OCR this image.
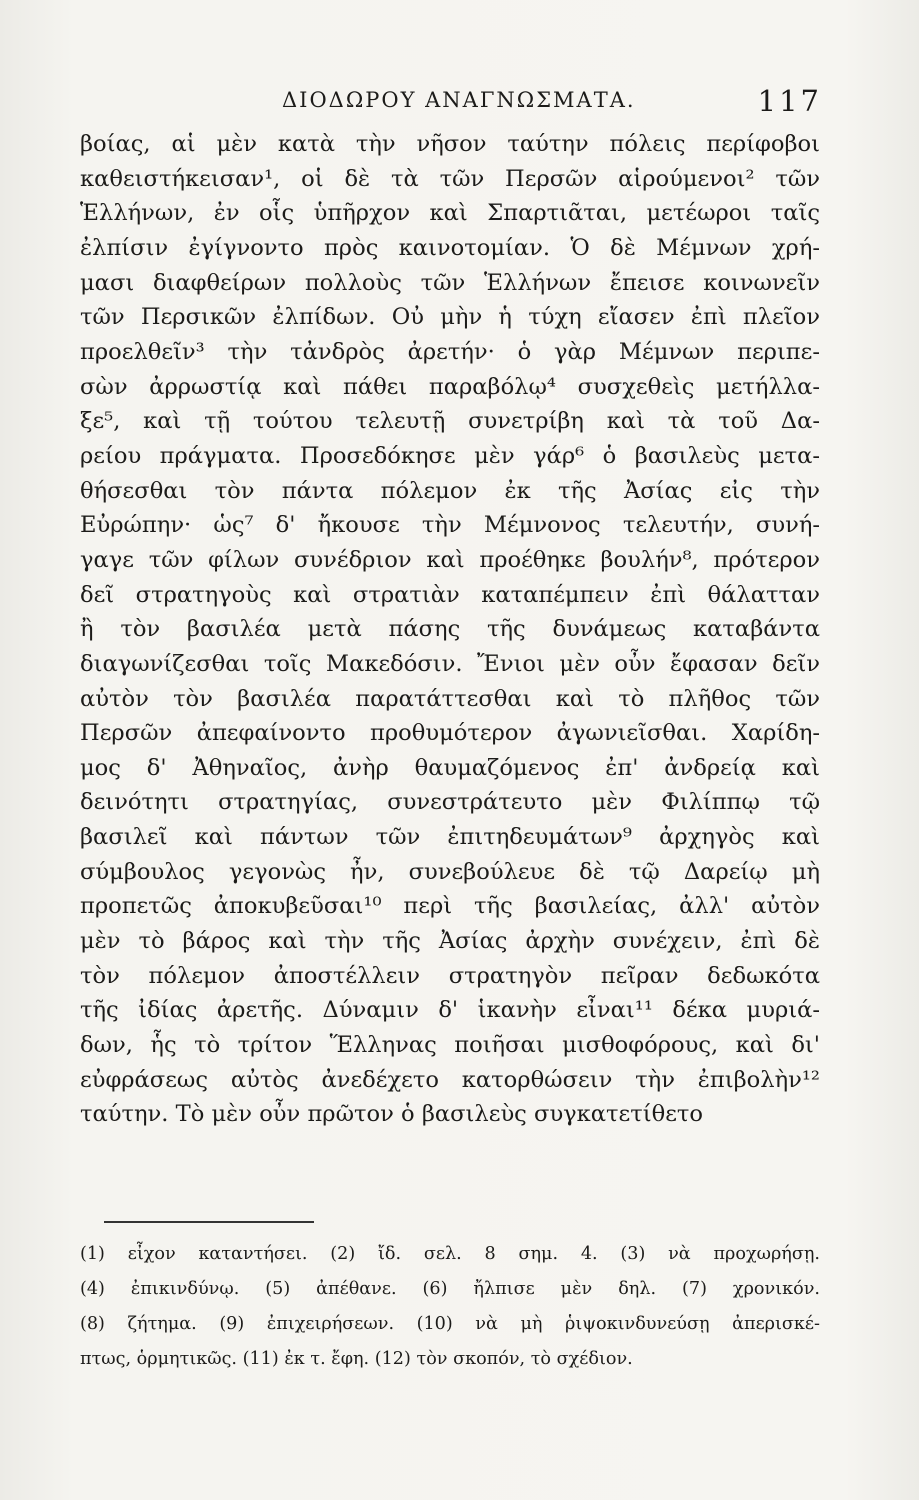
ΔΙΟΔΩΡΟΥ ΑΝΑΓΝΩΣΜΑΤΑ.	117
βοίας, αἱ μὲν κατὰ τὴν νῆσον ταύτην πόλεις περίφοβοι
καθειστήκεισαν¹, οἱ δὲ τὰ τῶν Περσῶν αἱρούμενοι² τῶν
Ἑλλήνων, ἐν οἷς ὑπῆρχον καὶ Σπαρτιᾶται, μετέωροι ταῖς
ἐλπίσιν ἐγίγνοντο πρὸς καινοτομίαν. Ὁ δὲ Μέμνων χρή-
μασι διαφθείρων πολλοὺς τῶν Ἑλλήνων ἔπεισε κοινωνεῖν
τῶν Περσικῶν ἐλπίδων. Οὐ μὴν ἡ τύχη εἴασεν ἐπὶ πλεῖον
προελθεῖν³ τὴν τἀνδρὸς ἀρετήν· ὁ γὰρ Μέμνων περιπε-
σὼν ἀρρωστίᾳ καὶ πάθει παραβόλῳ⁴ συσχεθεὶς μετήλλα-
ξε⁵, καὶ τῇ τούτου τελευτῇ συνετρίβη καὶ τὰ τοῦ Δα-
ρείου πράγματα. Προσεδόκησε μὲν γάρ⁶ ὁ βασιλεὺς μετα-
θήσεσθαι τὸν πάντα πόλεμον ἐκ τῆς Ἀσίας εἰς τὴν
Εὐρώπην· ὡς⁷ δ' ἤκουσε τὴν Μέμνονος τελευτήν, συνή-
γαγε τῶν φίλων συνέδριον καὶ προέθηκε βουλήν⁸, πρότερον
δεῖ στρατηγοὺς καὶ στρατιὰν καταπέμπειν ἐπὶ θάλατταν
ἢ τὸν βασιλέα μετὰ πάσης τῆς δυνάμεως καταβάντα
διαγωνίζεσθαι τοῖς Μακεδόσιν. Ἔνιοι μὲν οὖν ἔφασαν δεῖν
αὐτὸν τὸν βασιλέα παρατάττεσθαι καὶ τὸ πλῆθος τῶν
Περσῶν ἀπεφαίνοντο προθυμότερον ἀγωνιεῖσθαι. Χαρίδη-
μος δ' Ἀθηναῖος, ἀνὴρ θαυμαζόμενος ἐπ' ἀνδρείᾳ καὶ
δεινότητι στρατηγίας, συνεστράτευτο μὲν Φιλίππῳ τῷ
βασιλεῖ καὶ πάντων τῶν ἐπιτηδευμάτων⁹ ἀρχηγὸς καὶ
σύμβουλος γεγονὼς ἦν, συνεβούλευε δὲ τῷ Δαρείῳ μὴ
προπετῶς ἀποκυβεῦσαι¹⁰ περὶ τῆς βασιλείας, ἀλλ' αὐτὸν
μὲν τὸ βάρος καὶ τὴν τῆς Ἀσίας ἀρχὴν συνέχειν, ἐπὶ δὲ
τὸν πόλεμον ἀποστέλλειν στρατηγὸν πεῖραν δεδωκότα
τῆς ἰδίας ἀρετῆς. Δύναμιν δ' ἱκανὴν εἶναι¹¹ δέκα μυριά-
δων, ἧς τὸ τρίτον Ἕλληνας ποιῆσαι μισθοφόρους, καὶ δι'
εὐφράσεως αὐτὸς ἀνεδέχετο κατορθώσειν τὴν ἐπιβολὴν¹²
ταύτην. Τὸ μὲν οὖν πρῶτον ὁ βασιλεὺς συγκατετίθετο
(1) εἶχον καταντήσει. (2) ἴδ. σελ. 8 σημ. 4. (3) νὰ προχωρήσῃ.
(4) ἐπικινδύνῳ. (5) ἀπέθανε. (6) ἤλπισε μὲν δηλ. (7) χρονικόν.
(8) ζήτημα. (9) ἐπιχειρήσεων. (10) νὰ μὴ ῥιψοκινδυνεύσῃ ἀπερισκέ-
πτως, ὁρμητικῶς. (11) ἐκ τ. ἔφη. (12) τὸν σκοπόν, τὸ σχέδιον.
